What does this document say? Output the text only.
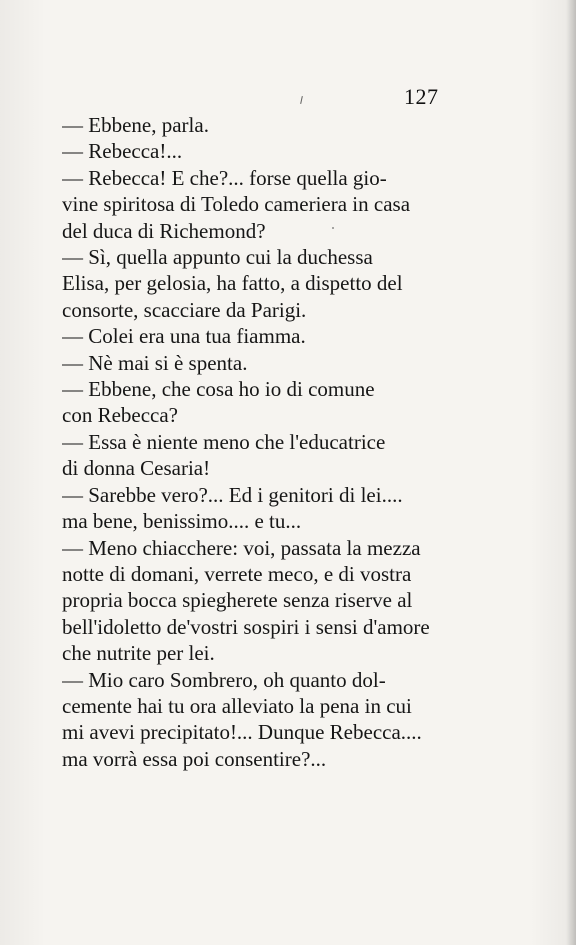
127
— Ebbene, parla.
— Rebecca!...
— Rebecca! E che?... forse quella gio-
vine spiritosa di Toledo cameriera in casa
del duca di Richemond?
— Sì, quella appunto cui la duchessa
Elisa, per gelosia, ha fatto, a dispetto del
consorte, scacciare da Parigi.
— Colei era una tua fiamma.
— Nè mai si è spenta.
— Ebbene, che cosa ho io di comune
con Rebecca?
— Essa è niente meno che l'educatrice
di donna Cesaria!
— Sarebbe vero?... Ed i genitori di lei....
ma bene, benissimo.... e tu...
— Meno chiacchere: voi, passata la mezza
notte di domani, verrete meco, e di vostra
propria bocca spiegherete senza riserve al
bell'idoletto de'vostri sospiri i sensi d'amore
che nutrite per lei.
— Mio caro Sombrero, oh quanto dol-
cemente hai tu ora alleviato la pena in cui
mi avevi precipitato!... Dunque Rebecca....
ma vorrà essa poi consentire?...
